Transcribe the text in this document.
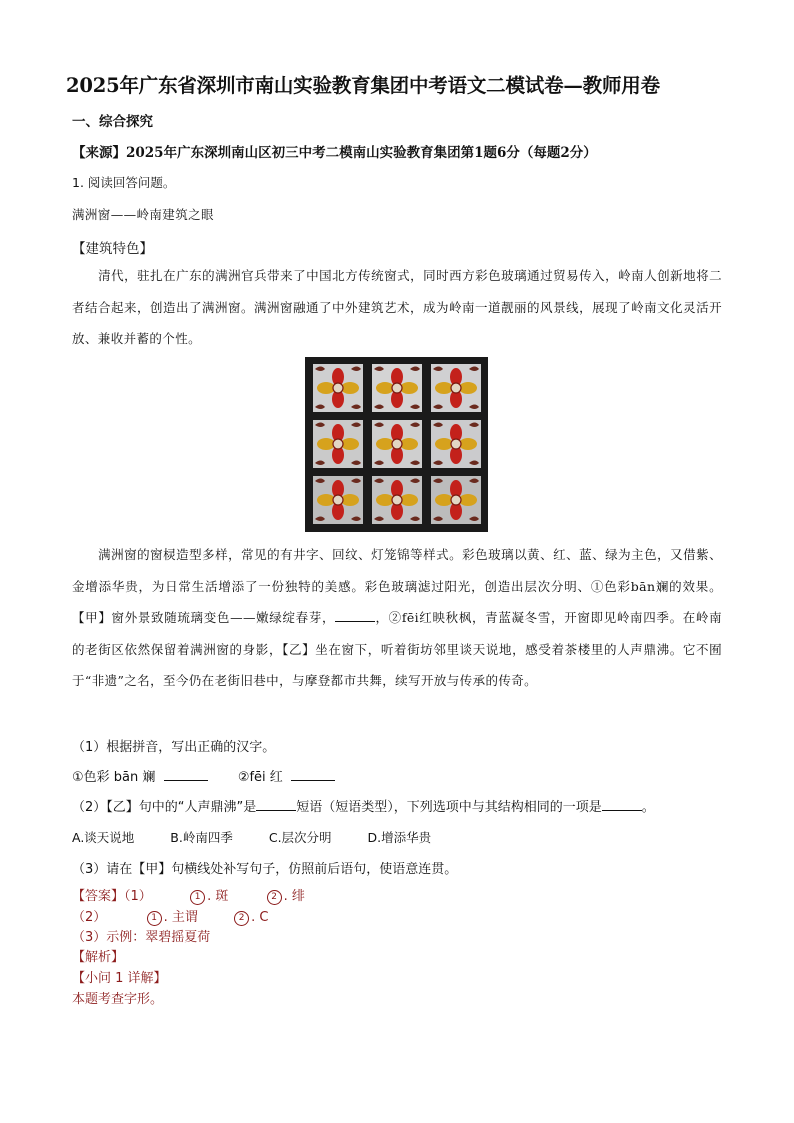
2025年广东省深圳市南山实验教育集团中考语文二模试卷—教师用卷
一、综合探究
【来源】2025年广东深圳南山区初三中考二模南山实验教育集团第1题6分（每题2分）
1. 阅读回答问题。
满洲窗——岭南建筑之眼
【建筑特色】
清代，驻扎在广东的满洲官兵带来了中国北方传统窗式，同时西方彩色玻璃通过贸易传入，岭南人创新地将二者结合起来，创造出了满洲窗。满洲窗融通了中外建筑艺术，成为岭南一道靓丽的风景线，展现了岭南文化灵活开放、兼收并蓄的个性。
满洲窗的窗棂造型多样，常见的有井字、回纹、灯笼锦等样式。彩色玻璃以黄、红、蓝、绿为主色，又借紫、金增添华贵，为日常生活增添了一份独特的美感。彩色玻璃滤过阳光，创造出层次分明、①色彩bān斓的效果。【甲】窗外景致随琉璃变色——嫩绿绽春芽，	，②fēi红映秋枫，青蓝凝冬雪，开窗即见岭南四季。在岭南的老街区依然保留着满洲窗的身影，【乙】坐在窗下，听着街坊邻里谈天说地，感受着茶楼里的人声鼎沸。它不囿于“非遗”之名，至今仍在老街旧巷中，与摩登都市共舞，续写开放与传承的传奇。
（1）根据拼音，写出正确的汉字。
①色彩 bān 斓	②fēi 红
（2）【乙】句中的“人声鼎沸”是	短语（短语类型），下列选项中与其结构相同的一项是	。
A.谈天说地	B.岭南四季	C.层次分明	D.增添华贵
（3）请在【甲】句横线处补写句子，仿照前后语句，使语意连贯。
【答案】（1）	1 . 斑	2 . 绯
（2）	1 . 主谓	2 . C
（3）示例：翠碧摇夏荷
【解析】
【小问 1 详解】
本题考查字形。
